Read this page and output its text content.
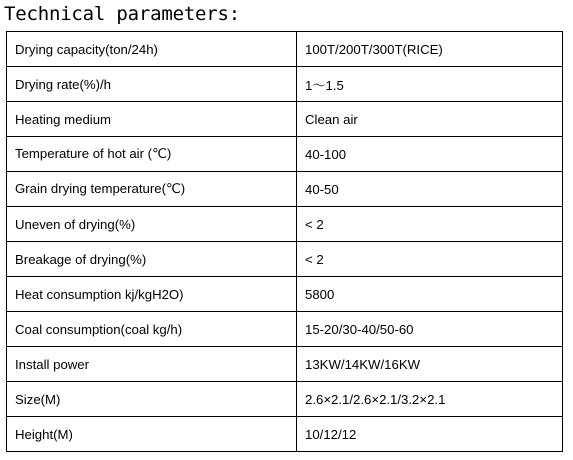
Technical parameters:
Drying capacity(ton/24h)	100T/200T/300T(RICE)
Drying rate(%)/h	1～1.5
Heating medium	Clean air
Temperature of hot air (℃)	40-100
Grain drying temperature(℃)	40-50
Uneven of drying(%)	< 2
Breakage of drying(%)	< 2
Heat consumption kj/kgH2O)	5800
Coal consumption(coal kg/h)	15-20/30-40/50-60
Install power	13KW/14KW/16KW
Size(M)	2.6×2.1/2.6×2.1/3.2×2.1
Height(M)	10/12/12
